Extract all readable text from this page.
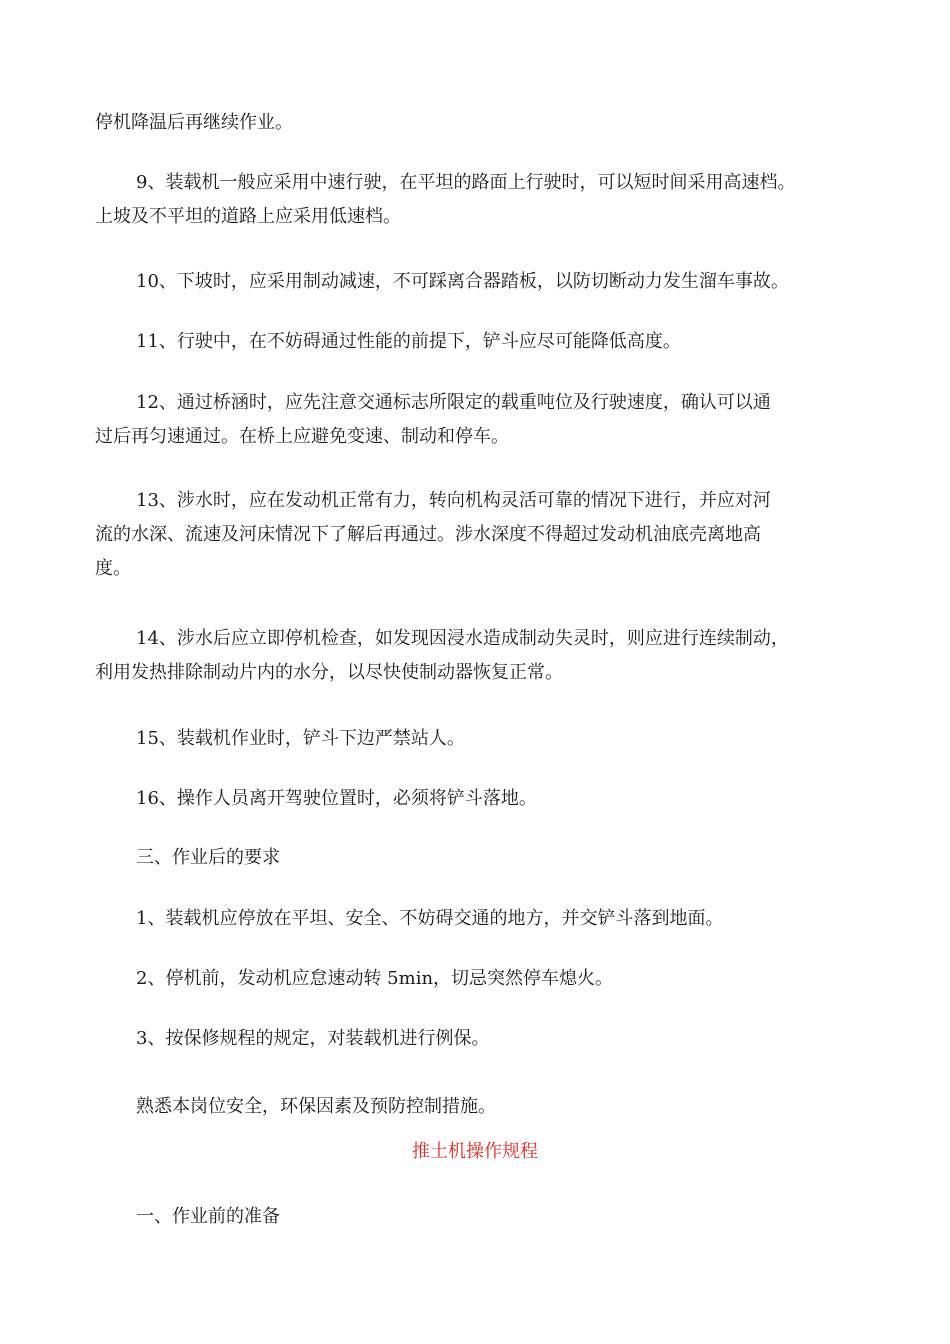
停机降温后再继续作业。

9、装载机一般应采用中速行驶，在平坦的路面上行驶时，可以短时间采用高速档。
上坡及不平坦的道路上应采用低速档。

10、下坡时，应采用制动减速，不可踩离合器踏板，以防切断动力发生溜车事故。

11、行驶中，在不妨碍通过性能的前提下，铲斗应尽可能降低高度。

12、通过桥涵时，应先注意交通标志所限定的载重吨位及行驶速度，确认可以通
过后再匀速通过。在桥上应避免变速、制动和停车。

13、涉水时，应在发动机正常有力，转向机构灵活可靠的情况下进行，并应对河
流的水深、流速及河床情况下了解后再通过。涉水深度不得超过发动机油底壳离地高
度。

14、涉水后应立即停机检查，如发现因浸水造成制动失灵时，则应进行连续制动，
利用发热排除制动片内的水分，以尽快使制动器恢复正常。

15、装载机作业时，铲斗下边严禁站人。

16、操作人员离开驾驶位置时，必须将铲斗落地。

三、作业后的要求

1、装载机应停放在平坦、安全、不妨碍交通的地方，并交铲斗落到地面。

2、停机前，发动机应怠速动转 5min，切忌突然停车熄火。

3、按保修规程的规定，对装载机进行例保。

熟悉本岗位安全，环保因素及预防控制措施。

推土机操作规程

一、作业前的准备
